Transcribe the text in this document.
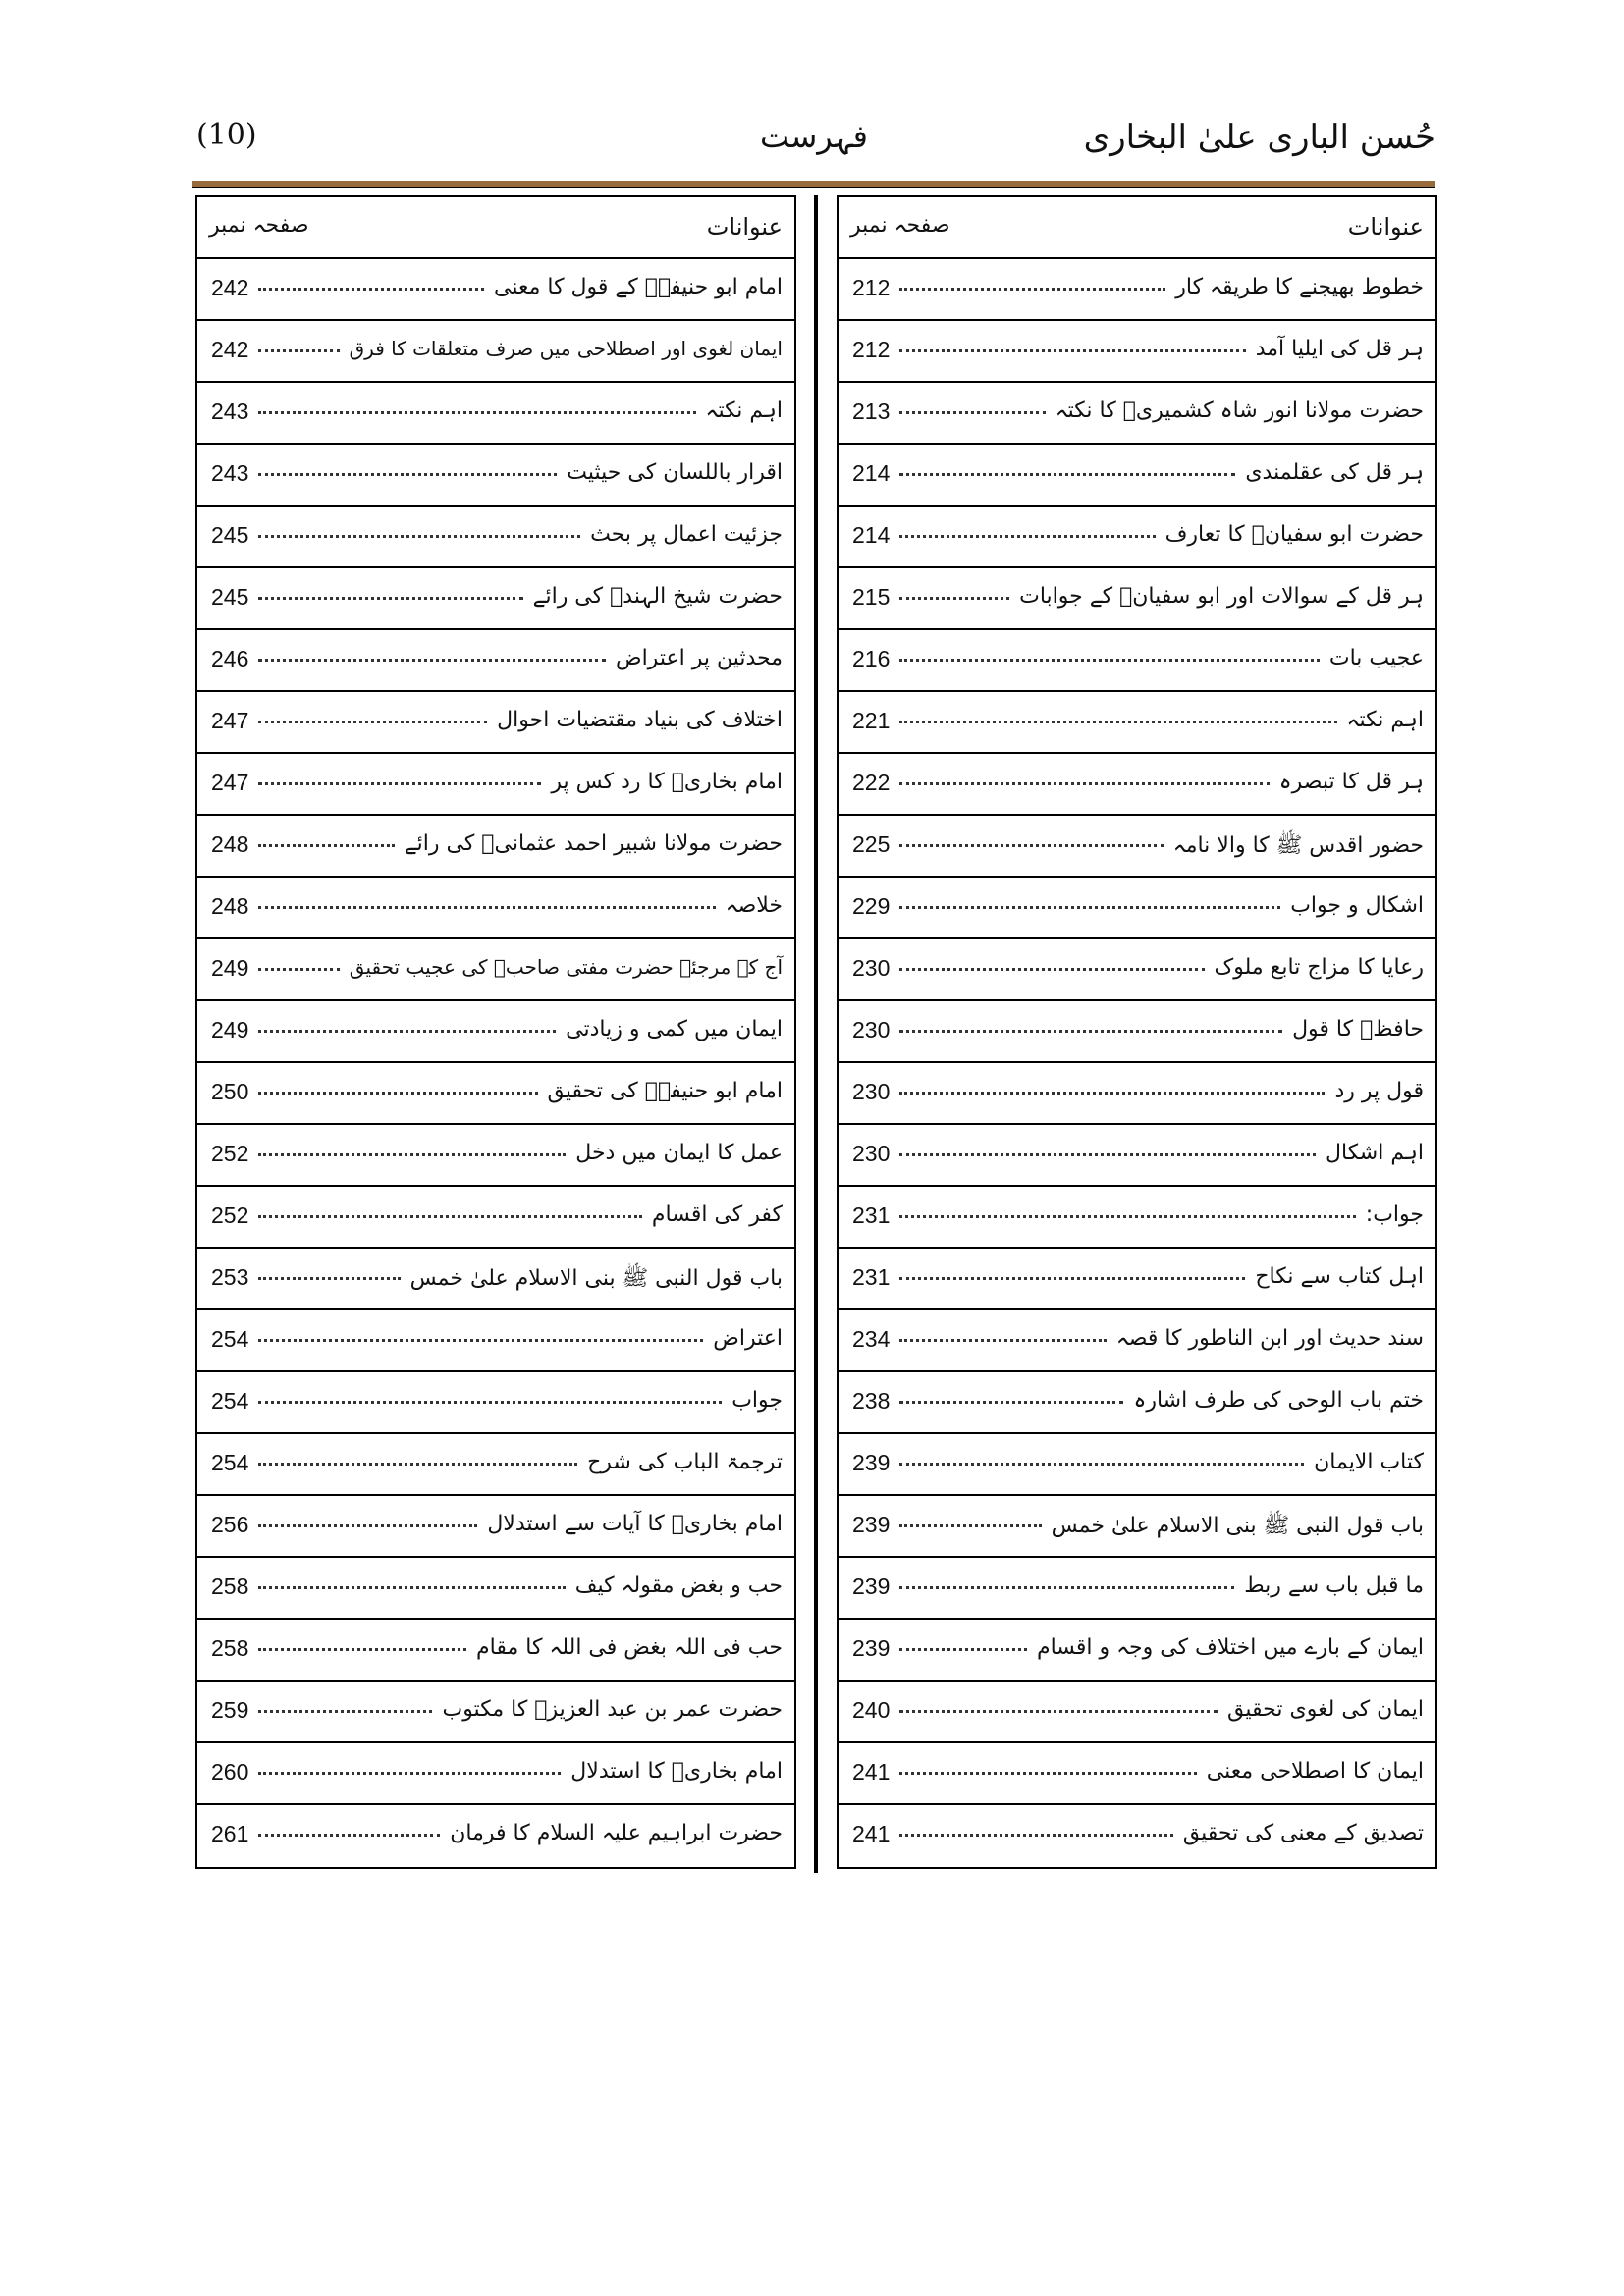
(10)	فہرست	حُسن البارى علىٰ البخارى
عنوانات
صفحہ نمبر
خطوط بھیجنے کا طریقہ کار
212
ہر قل کی ایلیا آمد
212
حضرت مولانا انور شاہ کشمیریؒ کا نکتہ
213
ہر قل کی عقلمندی
214
حضرت ابو سفیانؓ کا تعارف
214
ہر قل کے سوالات اور ابو سفیانؓ کے جوابات
215
عجیب بات
216
اہم نکتہ
221
ہر قل کا تبصرہ
222
حضور اقدس ﷺ کا والا نامہ
225
اشکال و جواب
229
رعایا کا مزاج تابع ملوک
230
حافظؒ کا قول
230
قول پر رد
230
اہم اشکال
230
جواب:
231
اہل کتاب سے نکاح
231
سند حدیث اور ابن الناطور کا قصہ
234
ختم باب الوحی کی طرف اشارہ
238
کتاب الایمان
239
باب قول النبی ﷺ بنی الاسلام علیٰ خمس
239
ما قبل باب سے ربط
239
ایمان کے بارے میں اختلاف کی وجہ و اقسام
239
ایمان کی لغوی تحقیق
240
ایمان کا اصطلاحی معنی
241
تصدیق کے معنی کی تحقیق
241
عنوانات
صفحہ نمبر
امام ابو حنیفہؒ کے قول کا معنی
242
ایمان لغوی اور اصطلاحی میں صرف متعلقات کا فرق
242
اہم نکتہ
243
اقرار باللسان کی حیثیت
243
جزئیت اعمال پر بحث
245
حضرت شیخ الہندؒ کی رائے
245
محدثین پر اعتراض
246
اختلاف کی بنیاد مقتضیات احوال
247
امام بخاریؒ کا رد کس پر
247
حضرت مولانا شبیر احمد عثمانیؒ کی رائے
248
خلاصہ
248
آج کے مرجئہ حضرت مفتی صاحبؒ کی عجیب تحقیق
249
ایمان میں کمی و زیادتی
249
امام ابو حنیفہؒ کی تحقیق
250
عمل کا ایمان میں دخل
252
کفر کی اقسام
252
باب قول النبی ﷺ بنی الاسلام علیٰ خمس
253
اعتراض
254
جواب
254
ترجمۃ الباب کی شرح
254
امام بخاریؒ کا آیات سے استدلال
256
حب و بغض مقولہ کیف
258
حب فی اللہ بغض فی اللہ کا مقام
258
حضرت عمر بن عبد العزیزؒ کا مکتوب
259
امام بخاریؒ کا استدلال
260
حضرت ابراہیم علیہ السلام کا فرمان
261
